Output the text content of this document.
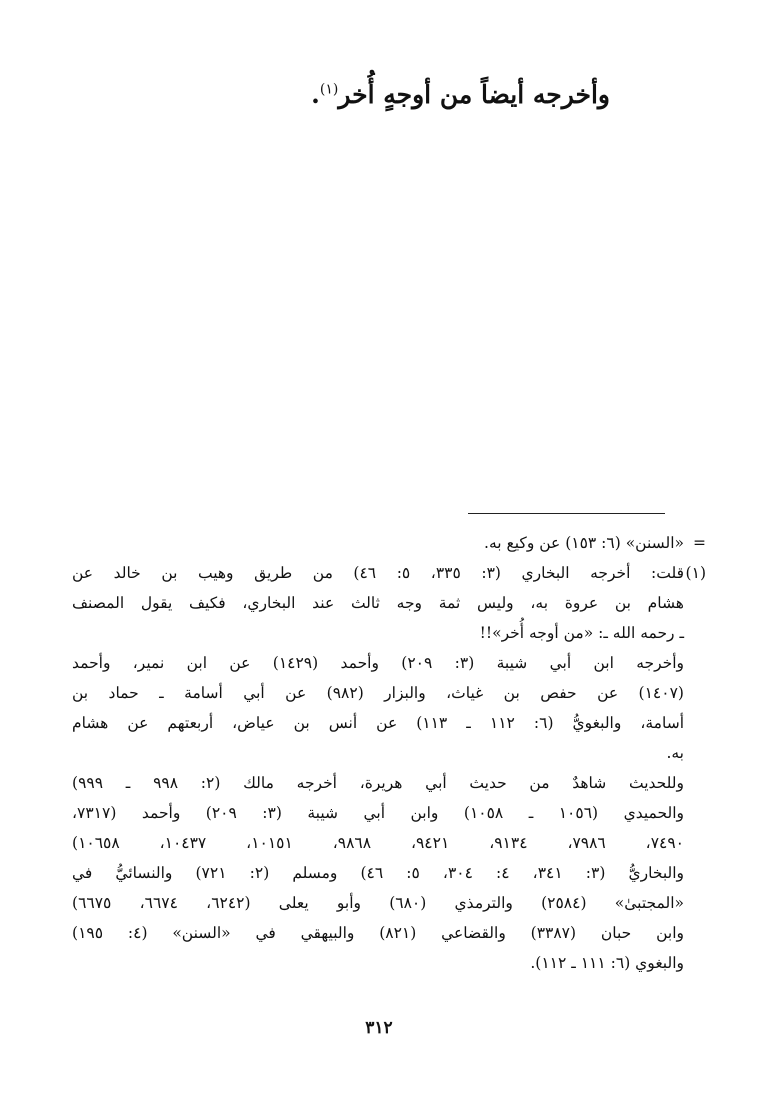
وأخرجه أيضاً من أوجهٍ أُخر$^{(١)}$.
=
«السنن» (٦: ١٥٣) عن وكيع به.
(١)
قلت: أخرجه البخاري (٣: ٣٣٥، ٥: ٤٦) من طريق وهيب بن خالد عن
هشام بن عروة به، وليس ثمة وجه ثالث عند البخاري، فكيف يقول المصنف
ـ رحمه الله ـ: «من أوجه أُخر»!!
وأخرجه ابن أبي شيبة (٣: ٢٠٩) وأحمد (١٤٢٩) عن ابن نمير، وأحمد
(١٤٠٧) عن حفص بن غياث، والبزار (٩٨٢) عن أبي أسامة ـ حماد بن
أسامة، والبغويُّ (٦: ١١٢ ـ ١١٣) عن أنس بن عياض، أربعتهم عن هشام
به.
وللحديث شاهدٌ من حديث أبي هريرة، أخرجه مالك (٢: ٩٩٨ ـ ٩٩٩)
والحميدي (١٠٥٦ ـ ١٠٥٨) وابن أبي شيبة (٣: ٢٠٩) وأحمد (٧٣١٧،
٧٤٩٠، ٧٩٨٦، ٩١٣٤، ٩٤٢١، ٩٨٦٨، ١٠١٥١، ١٠٤٣٧، ١٠٦٥٨)
والبخاريُّ (٣: ٣٤١، ٤: ٣٠٤، ٥: ٤٦) ومسلم (٢: ٧٢١) والنسائيُّ في
«المجتبىٰ» (٢٥٨٤) والترمذي (٦٨٠) وأبو يعلى (٦٢٤٢، ٦٦٧٤، ٦٦٧٥)
وابن حبان (٣٣٨٧) والقضاعي (٨٢١) والبيهقي في «السنن» (٤: ١٩٥)
والبغوي (٦: ١١١ ـ ١١٢).
٣١٢
